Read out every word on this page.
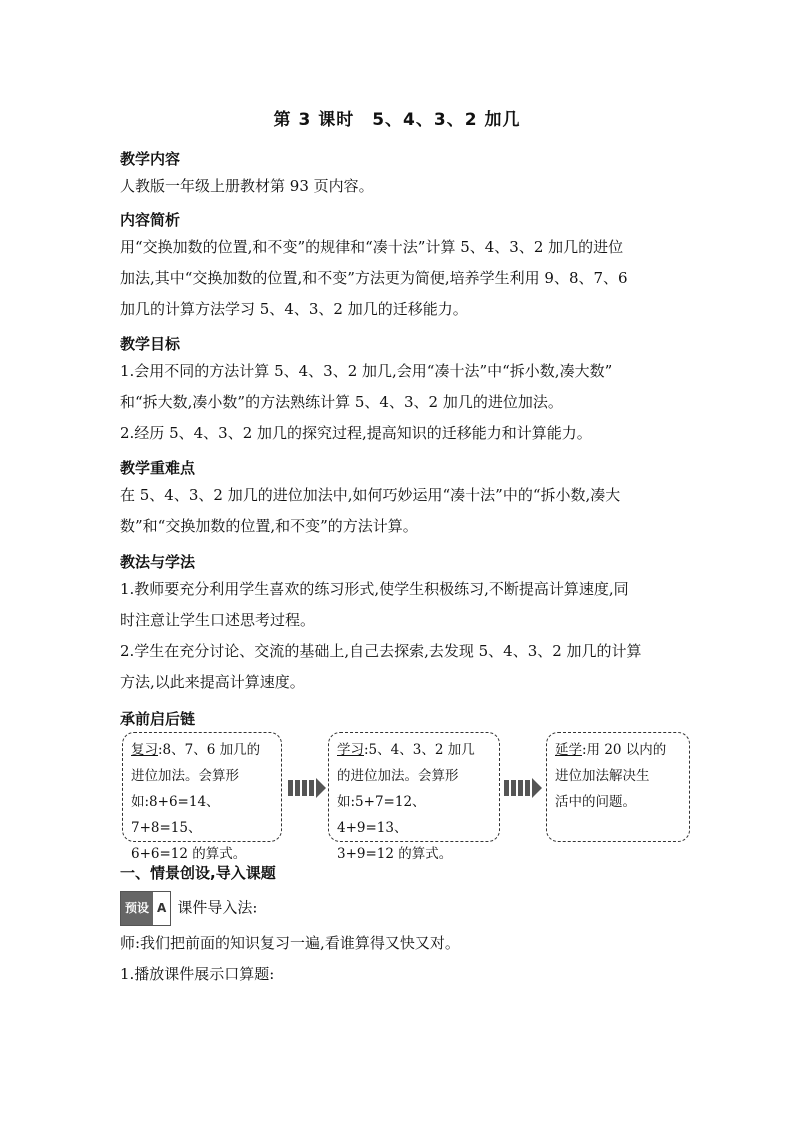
第 3 课时　5、4、3、2 加几
教学内容
人教版一年级上册教材第 93 页内容。
内容简析
用“交换加数的位置,和不变”的规律和“凑十法”计算 5、4、3、2 加几的进位
加法,其中“交换加数的位置,和不变”方法更为简便,培养学生利用 9、8、7、6
加几的计算方法学习 5、4、3、2 加几的迁移能力。
教学目标
1.会用不同的方法计算 5、4、3、2 加几,会用“凑十法”中“拆小数,凑大数”
和“拆大数,凑小数”的方法熟练计算 5、4、3、2 加几的进位加法。
2.经历 5、4、3、2 加几的探究过程,提高知识的迁移能力和计算能力。
教学重难点
在 5、4、3、2 加几的进位加法中,如何巧妙运用“凑十法”中的“拆小数,凑大
数”和“交换加数的位置,和不变”的方法计算。
教法与学法
1.教师要充分利用学生喜欢的练习形式,使学生积极练习,不断提高计算速度,同
时注意让学生口述思考过程。
2.学生在充分讨论、交流的基础上,自己去探索,去发现 5、4、3、2 加几的计算
方法,以此来提高计算速度。
承前启后链
复习:8、7、6 加几的
进位加法。会算形
如:8+6=14、7+8=15、
6+6=12 的算式。
学习:5、4、3、2 加几
的进位加法。会算形
如:5+7=12、4+9=13、
3+9=12 的算式。
延学:用 20 以内的
进位加法解决生
活中的问题。
一、情景创设,导入课题
预设 A 课件导入法:
师:我们把前面的知识复习一遍,看谁算得又快又对。
1.播放课件展示口算题:
